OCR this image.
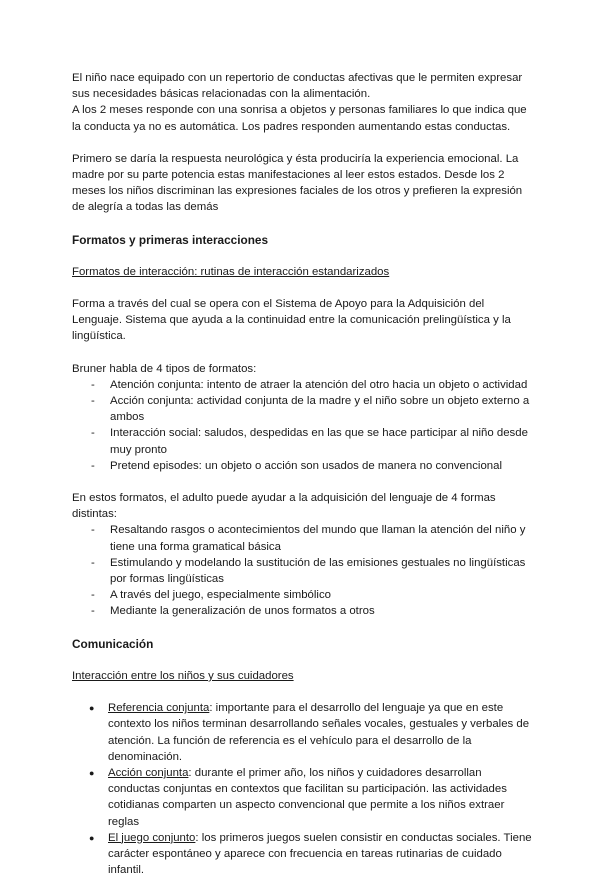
El niño nace equipado con un repertorio de conductas afectivas que le permiten expresar sus necesidades básicas relacionadas con la alimentación.

A los 2 meses responde con una sonrisa a objetos y personas familiares lo que indica que la conducta ya no es automática. Los padres responden aumentando estas conductas.

Primero se daría la respuesta neurológica y ésta produciría la experiencia emocional. La madre por su parte potencia estas manifestaciones al leer estos estados. Desde los 2 meses los niños discriminan las expresiones faciales de los otros y prefieren la expresión de alegría a todas las demás

Formatos y primeras interacciones

Formatos de interacción: rutinas de interacción estandarizados

Forma a través del cual se opera con el Sistema de Apoyo para la Adquisición del Lenguaje. Sistema que ayuda a la continuidad entre la comunicación prelingüística y la lingüística.

Bruner habla de 4 tipos de formatos:

- Atención conjunta: intento de atraer la atención del otro hacia un objeto o actividad
- Acción conjunta: actividad conjunta de la madre y el niño sobre un objeto externo a ambos
- Interacción social: saludos, despedidas en las que se hace participar al niño desde muy pronto
- Pretend episodes: un objeto o acción son usados de manera no convencional

En estos formatos, el adulto puede ayudar a la adquisición del lenguaje de 4 formas distintas:

- Resaltando rasgos o acontecimientos del mundo que llaman la atención del niño y tiene una forma gramatical básica
- Estimulando y modelando la sustitución de las emisiones gestuales no lingüísticas por formas lingüísticas
- A través del juego, especialmente simbólico
- Mediante la generalización de unos formatos a otros

Comunicación

Interacción entre los niños y sus cuidadores

● Referencia conjunta: importante para el desarrollo del lenguaje ya que en este contexto los niños terminan desarrollando señales vocales, gestuales y verbales de atención. La función de referencia es el vehículo para el desarrollo de la denominación.
● Acción conjunta: durante el primer año, los niños y cuidadores desarrollan conductas conjuntas en contextos que facilitan su participación. las actividades cotidianas comparten un aspecto convencional que permite a los niños extraer reglas
● El juego conjunto: los primeros juegos suelen consistir en conductas sociales. Tiene carácter espontáneo y aparece con frecuencia en tareas rutinarias de cuidado infantil.
